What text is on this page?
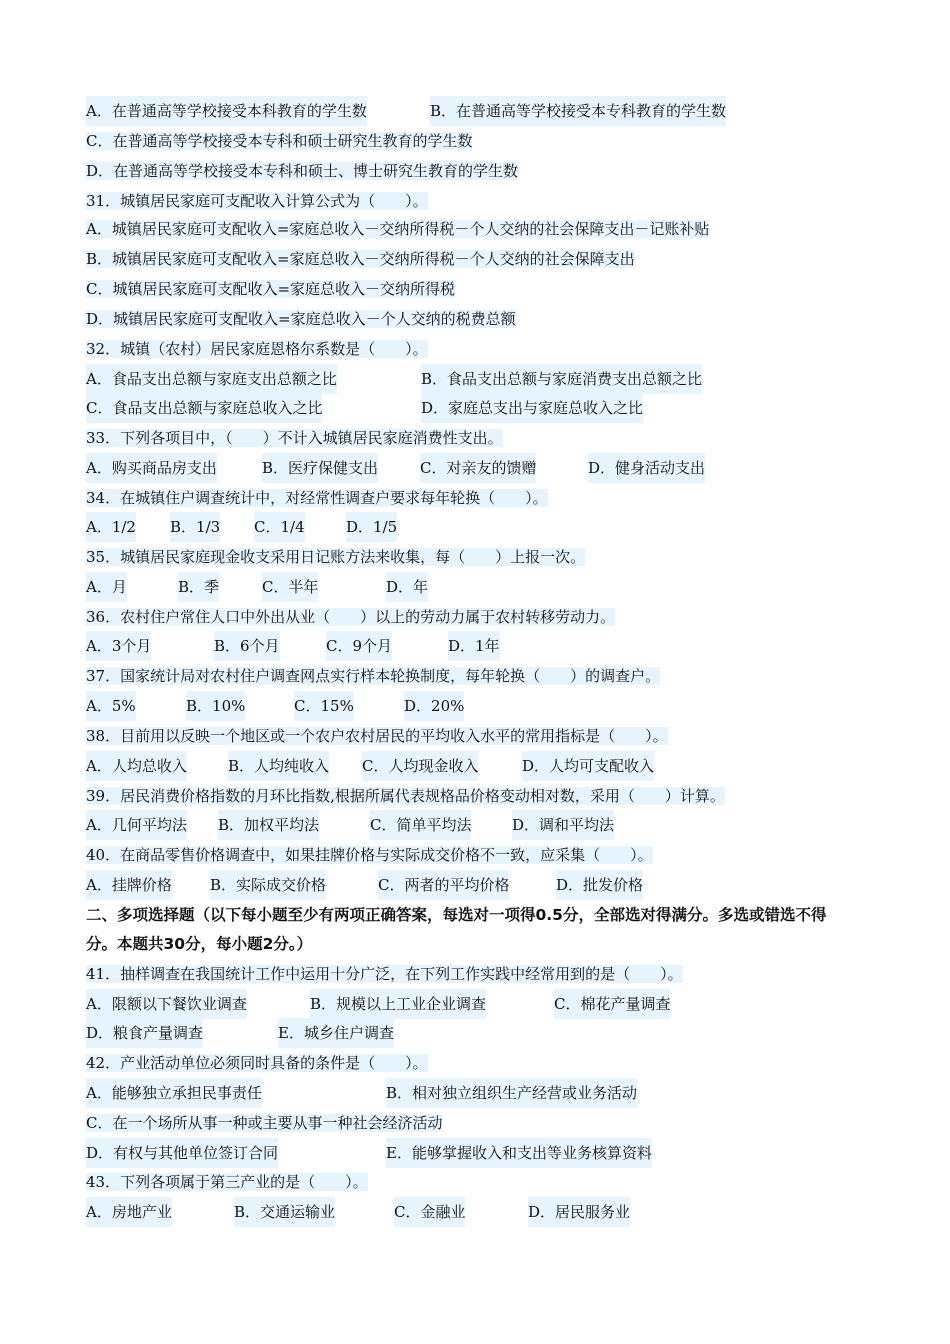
A．在普通高等学校接受本科教育的学生数	B．在普通高等学校接受本专科教育的学生数
C．在普通高等学校接受本专科和硕士研究生教育的学生数
D．在普通高等学校接受本专科和硕士、博士研究生教育的学生数
31．城镇居民家庭可支配收入计算公式为（　　）。
A．城镇居民家庭可支配收入=家庭总收入－交纳所得税－个人交纳的社会保障支出－记账补贴
B．城镇居民家庭可支配收入=家庭总收入－交纳所得税－个人交纳的社会保障支出
C．城镇居民家庭可支配收入=家庭总收入－交纳所得税
D．城镇居民家庭可支配收入=家庭总收入－个人交纳的税费总额
32．城镇（农村）居民家庭恩格尔系数是（　　）。
A．食品支出总额与家庭支出总额之比	B．食品支出总额与家庭消费支出总额之比
C．食品支出总额与家庭总收入之比	D．家庭总支出与家庭总收入之比
33．下列各项目中，（　　）不计入城镇居民家庭消费性支出。
A．购买商品房支出	B．医疗保健支出	C．对亲友的馈赠	D．健身活动支出
34．在城镇住户调查统计中，对经常性调查户要求每年轮换（　　）。
A．1/2 B．1/3 C．1/4	D．1/5
35．城镇居民家庭现金收支采用日记账方法来收集，每（　　）上报一次。
A．月	B．季	C．半年	D．年
36．农村住户常住人口中外出从业（　　）以上的劳动力属于农村转移劳动力。
A．3个月	B．6个月	C．9个月	D．1年
37．国家统计局对农村住户调查网点实行样本轮换制度，每年轮换（　　）的调查户。
A．5%	B．10%	C．15%	D．20%
38．目前用以反映一个地区或一个农户农村居民的平均收入水平的常用指标是（　　）。
A．人均总收入	B．人均纯收入 C．人均现金收入	D．人均可支配收入
39．居民消费价格指数的月环比指数,根据所属代表规格品价格变动相对数，采用（　　）计算。
A．几何平均法 B．加权平均法	C．简单平均法	D．调和平均法
40．在商品零售价格调查中，如果挂牌价格与实际成交价格不一致，应采集（　　）。
A．挂牌价格	B．实际成交价格	C．两者的平均价格	D．批发价格
二、多项选择题（以下每小题至少有两项正确答案，每选对一项得0.5分，全部选对得满分。多选或错选不得
分。本题共30分，每小题2分。）
41．抽样调查在我国统计工作中运用十分广泛，在下列工作实践中经常用到的是（　　）。
A．限额以下餐饮业调查	B．规模以上工业企业调查	C．棉花产量调查
D．粮食产量调查	E．城乡住户调查
42．产业活动单位必须同时具备的条件是（　　）。
A．能够独立承担民事责任	B．相对独立组织生产经营或业务活动
C．在一个场所从事一种或主要从事一种社会经济活动
D．有权与其他单位签订合同	E．能够掌握收入和支出等业务核算资料
43．下列各项属于第三产业的是（　　）。
A．房地产业	B．交通运输业	C．金融业	D．居民服务业
